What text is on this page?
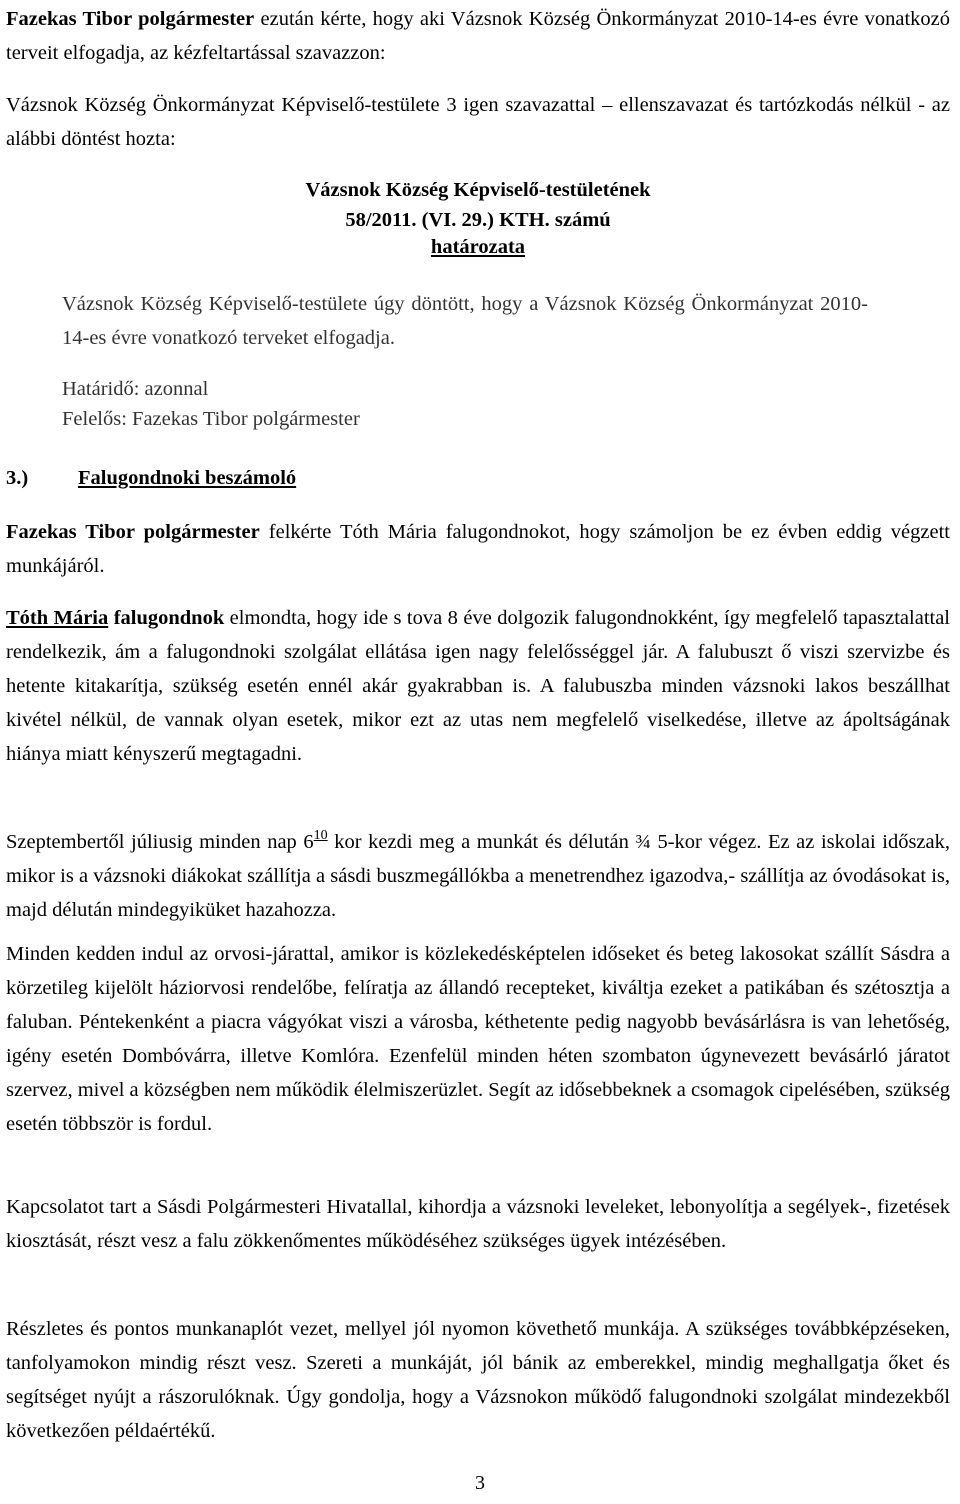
Fazekas Tibor polgármester ezután kérte, hogy aki Vázsnok Község Önkormányzat 2010-14-es évre vonatkozó terveit elfogadja, az kézfeltartással szavazzon:

Vázsnok Község Önkormányzat Képviselő-testülete 3 igen szavazattal – ellenszavazat és tartózkodás nélkül - az alábbi döntést hozta:

Vázsnok Község Képviselő-testületének
58/2011. (VI. 29.) KTH. számú
határozata

Vázsnok Község Képviselő-testülete úgy döntött, hogy a Vázsnok Község Önkormányzat 2010-14-es évre vonatkozó terveket elfogadja.

Határidő: azonnal

Felelős: Fazekas Tibor polgármester

3.) Falugondnoki beszámoló

Fazekas Tibor polgármester felkérte Tóth Mária falugondnokot, hogy számoljon be ez évben eddig végzett munkájáról.

Tóth Mária falugondnok elmondta, hogy ide s tova 8 éve dolgozik falugondnokként, így megfelelő tapasztalattal rendelkezik, ám a falugondnoki szolgálat ellátása igen nagy felelősséggel jár. A falubuszt ő viszi szervizbe és hetente kitakarítja, szükség esetén ennél akár gyakrabban is. A falubuszba minden vázsnoki lakos beszállhat kivétel nélkül, de vannak olyan esetek, mikor ezt az utas nem megfelelő viselkedése, illetve az ápoltságának hiánya miatt kényszerű megtagadni.

Szeptembertől júliusig minden nap $6^{10}$ kor kezdi meg a munkát és délután ¾ 5-kor végez. Ez az iskolai időszak, mikor is a vázsnoki diákokat szállítja a sásdi buszmegállókba a menetrendhez igazodva,- szállítja az óvodásokat is, majd délután mindegyiküket hazahozza.

Minden kedden indul az orvosi-járattal, amikor is közlekedésképtelen időseket és beteg lakosokat szállít Sásdra a körzetileg kijelölt háziorvosi rendelőbe, felíratja az állandó recepteket, kiváltja ezeket a patikában és szétosztja a faluban. Péntekenként a piacra vágyókat viszi a városba, kéthetente pedig nagyobb bevásárlásra is van lehetőség, igény esetén Dombóvárra, illetve Komlóra. Ezenfelül minden héten szombaton úgynevezett bevásárló járatot szervez, mivel a községben nem működik élelmiszerüzlet. Segít az idősebbeknek a csomagok cipelésében, szükség esetén többször is fordul.

Kapcsolatot tart a Sásdi Polgármesteri Hivatallal, kihordja a vázsnoki leveleket, lebonyolítja a segélyek-, fizetések kiosztását, részt vesz a falu zökkenőmentes működéséhez szükséges ügyek intézésében.

Részletes és pontos munkanaplót vezet, mellyel jól nyomon követhető munkája. A szükséges továbbképzéseken, tanfolyamokon mindig részt vesz. Szereti a munkáját, jól bánik az emberekkel, mindig meghallgatja őket és segítséget nyújt a rászorulóknak. Úgy gondolja, hogy a Vázsnokon működő falugondnoki szolgálat mindezekből következően példaértékű.

3
